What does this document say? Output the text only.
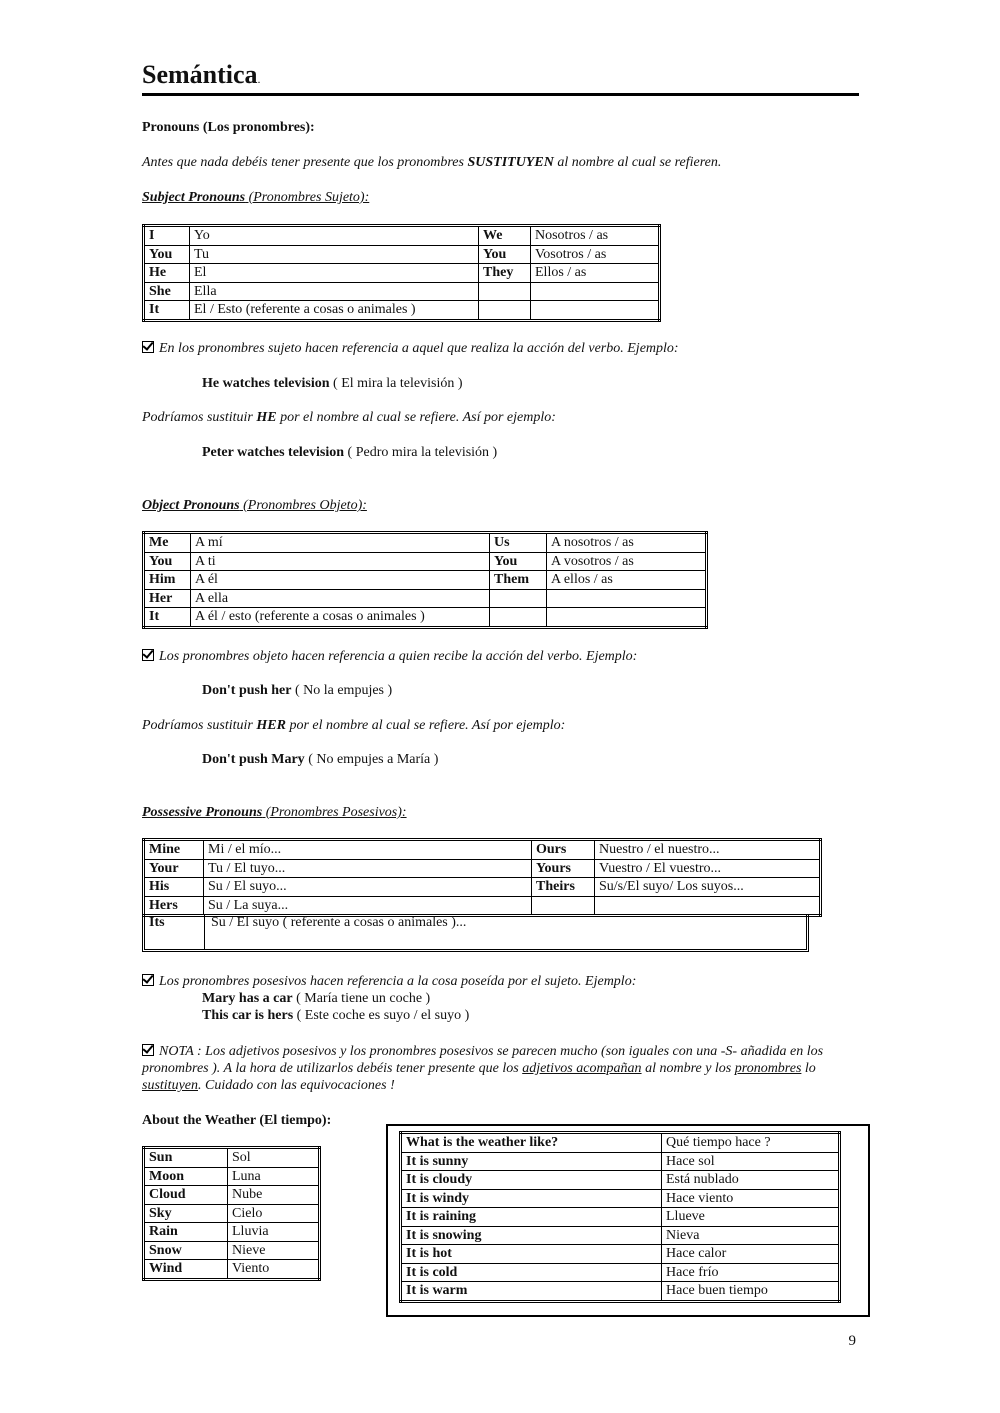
Semántica.
Pronouns (Los pronombres):
Antes que nada debéis tener presente que los pronombres SUSTITUYEN al nombre al cual se refieren.
Subject Pronouns (Pronombres Sujeto):
I	Yo	We	Nosotros / as
You	Tu	You	Vosotros / as
He	El	They	Ellos / as
She	Ella		
It	El / Esto (referente a cosas o animales )		
En los pronombres sujeto hacen referencia a aquel que realiza la acción del verbo. Ejemplo:
He watches television ( El mira la televisión )
Podríamos sustituir HE por el nombre al cual se refiere. Así por ejemplo:
Peter watches television ( Pedro mira la televisión )
Object Pronouns (Pronombres Objeto):
Me	A mí	Us	A nosotros / as
You	A ti	You	A vosotros / as
Him	A él	Them	A ellos / as
Her	A ella		
It	A él / esto (referente a cosas o animales )		
Los pronombres objeto hacen referencia a quien recibe la acción del verbo. Ejemplo:
Don't push her ( No la empujes )
Podríamos sustituir HER por el nombre al cual se refiere. Así por ejemplo:
Don't push Mary ( No empujes a María )
Possessive Pronouns (Pronombres Posesivos):
Mine	Mi / el mío...	Ours	Nuestro / el nuestro...
Your	Tu / El tuyo...	Yours	Vuestro / El vuestro...
His	Su / El suyo...	Theirs	Su/s/El suyo/ Los suyos...
Hers	Su / La suya...		
Its	Su / El suyo ( referente a cosas o animales )...
Los pronombres posesivos hacen referencia a la cosa poseída por el sujeto. Ejemplo:
Mary has a car ( María tiene un coche )
This car is hers ( Este coche es suyo / el suyo )
NOTA : Los adjetivos posesivos y los pronombres posesivos se parecen mucho (son iguales con una -S- añadida en los pronombres ). A la hora de utilizarlos debéis tener presente que los adjetivos acompañan al nombre y los pronombres lo sustituyen. Cuidado con las equivocaciones !
About the Weather (El tiempo):
Sun	Sol
Moon	Luna
Cloud	Nube
Sky	Cielo
Rain	Lluvia
Snow	Nieve
Wind	Viento
What is the weather like?	Qué tiempo hace ?
It is sunny	Hace sol
It is cloudy	Está nublado
It is windy	Hace viento
It is raining	Llueve
It is snowing	Nieva
It is hot	Hace calor
It is cold	Hace frío
It is warm	Hace buen tiempo
9
